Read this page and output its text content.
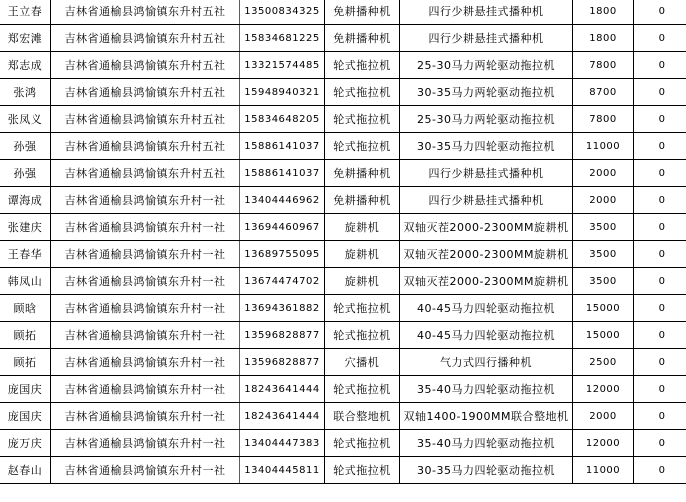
王立春	吉林省通榆县鸿愉镇东升村五社	13500834325	免耕播种机	四行少耕悬挂式播种机	1800	0	
郑宏滩	吉林省通榆县鸿愉镇东升村五社	15834681225	免耕播种机	四行少耕悬挂式播种机	1800	0	
郑志成	吉林省通榆县鸿愉镇东升村五社	13321574485	轮式拖拉机	25-30马力两轮驱动拖拉机	7800	0	
张鸿	吉林省通榆县鸿愉镇东升村五社	15948940321	轮式拖拉机	30-35马力两轮驱动拖拉机	8700	0	
张凤义	吉林省通榆县鸿愉镇东升村五社	15834648205	轮式拖拉机	25-30马力两轮驱动拖拉机	7800	0	
孙强	吉林省通榆县鸿愉镇东升村五社	15886141037	轮式拖拉机	30-35马力四轮驱动拖拉机	11000	0	
孙强	吉林省通榆县鸿愉镇东升村五社	15886141037	免耕播种机	四行少耕悬挂式播种机	2000	0	
谭海成	吉林省通榆县鸿愉镇东升村一社	13404446962	免耕播种机	四行少耕悬挂式播种机	2000	0	
张建庆	吉林省通榆县鸿愉镇东升村一社	13694460967	旋耕机	双轴灭茬2000-2300MM旋耕机	3500	0	
王春华	吉林省通榆县鸿愉镇东升村一社	13689755095	旋耕机	双轴灭茬2000-2300MM旋耕机	3500	0	
韩凤山	吉林省通榆县鸿愉镇东升村一社	13674474702	旋耕机	双轴灭茬2000-2300MM旋耕机	3500	0	
顾晗	吉林省通榆县鸿愉镇东升村一社	13694361882	轮式拖拉机	40-45马力四轮驱动拖拉机	15000	0	
顾拓	吉林省通榆县鸿愉镇东升村一社	13596828877	轮式拖拉机	40-45马力四轮驱动拖拉机	15000	0	
顾拓	吉林省通榆县鸿愉镇东升村一社	13596828877	穴播机	气力式四行播种机	2500	0	
庞国庆	吉林省通榆县鸿愉镇东升村一社	18243641444	轮式拖拉机	35-40马力四轮驱动拖拉机	12000	0	
庞国庆	吉林省通榆县鸿愉镇东升村一社	18243641444	联合整地机	双轴1400-1900MM联合整地机	2000	0	
庞万庆	吉林省通榆县鸿愉镇东升村一社	13404447383	轮式拖拉机	35-40马力四轮驱动拖拉机	12000	0	
赵春山	吉林省通榆县鸿愉镇东升村一社	13404445811	轮式拖拉机	30-35马力四轮驱动拖拉机	11000	0	
